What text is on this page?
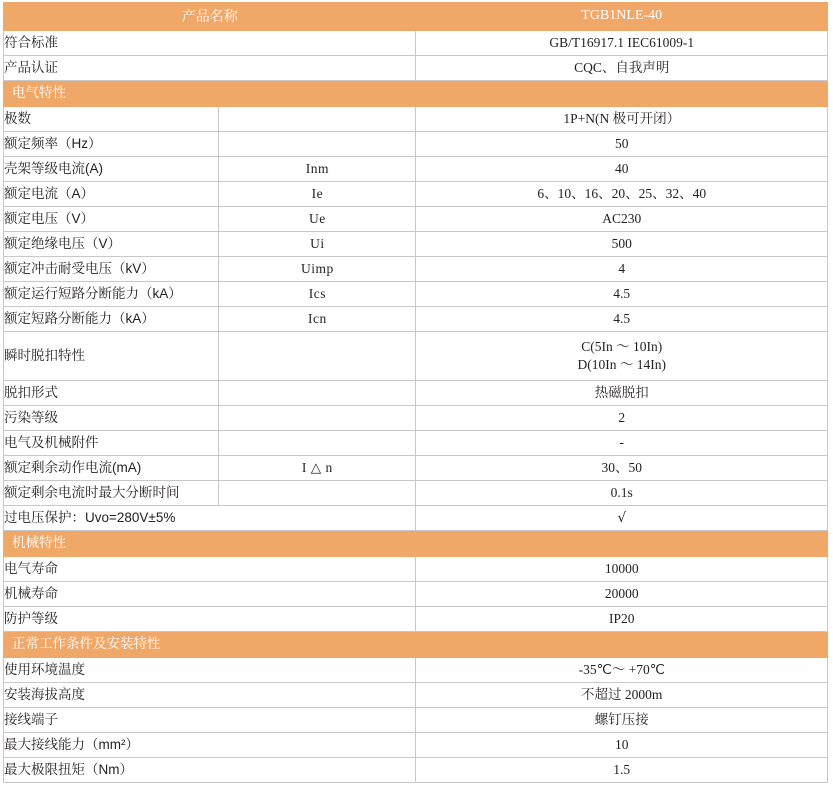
产品名称		TGB1NLE-40
符合标准		GB/T16917.1 IEC61009-1
产品认证		CQC、自我声明
电气特性		
极数		1P+N(N 极可开闭）
额定频率（Hz）		50
壳架等级电流(A)	Inm	40
额定电流（A）	Ie	6、10、16、20、25、32、40
额定电压（V）	Ue	AC230
额定绝缘电压（V）	Ui	500
额定冲击耐受电压（kV）	Uimp	4
额定运行短路分断能力（kA）	Ics	4.5
额定短路分断能力（kA）	Icn	4.5
瞬时脱扣特性		C(5In ～ 10In)
D(10In ～ 14In)

脱扣形式		热磁脱扣
污染等级		2
电气及机械附件		-
额定剩余动作电流(mA)	I △ n	30、50
额定剩余电流时最大分断时间		0.1s
过电压保护：Uvo=280V±5%		√
机械特性		
电气寿命		10000
机械寿命		20000
防护等级		IP20
正常工作条件及安装特性		
使用环境温度		-35℃～ +70℃
安装海拔高度		不超过 2000m
接线端子		螺钉压接
最大接线能力（mm²）		10
最大极限扭矩（Nm）		1.5
